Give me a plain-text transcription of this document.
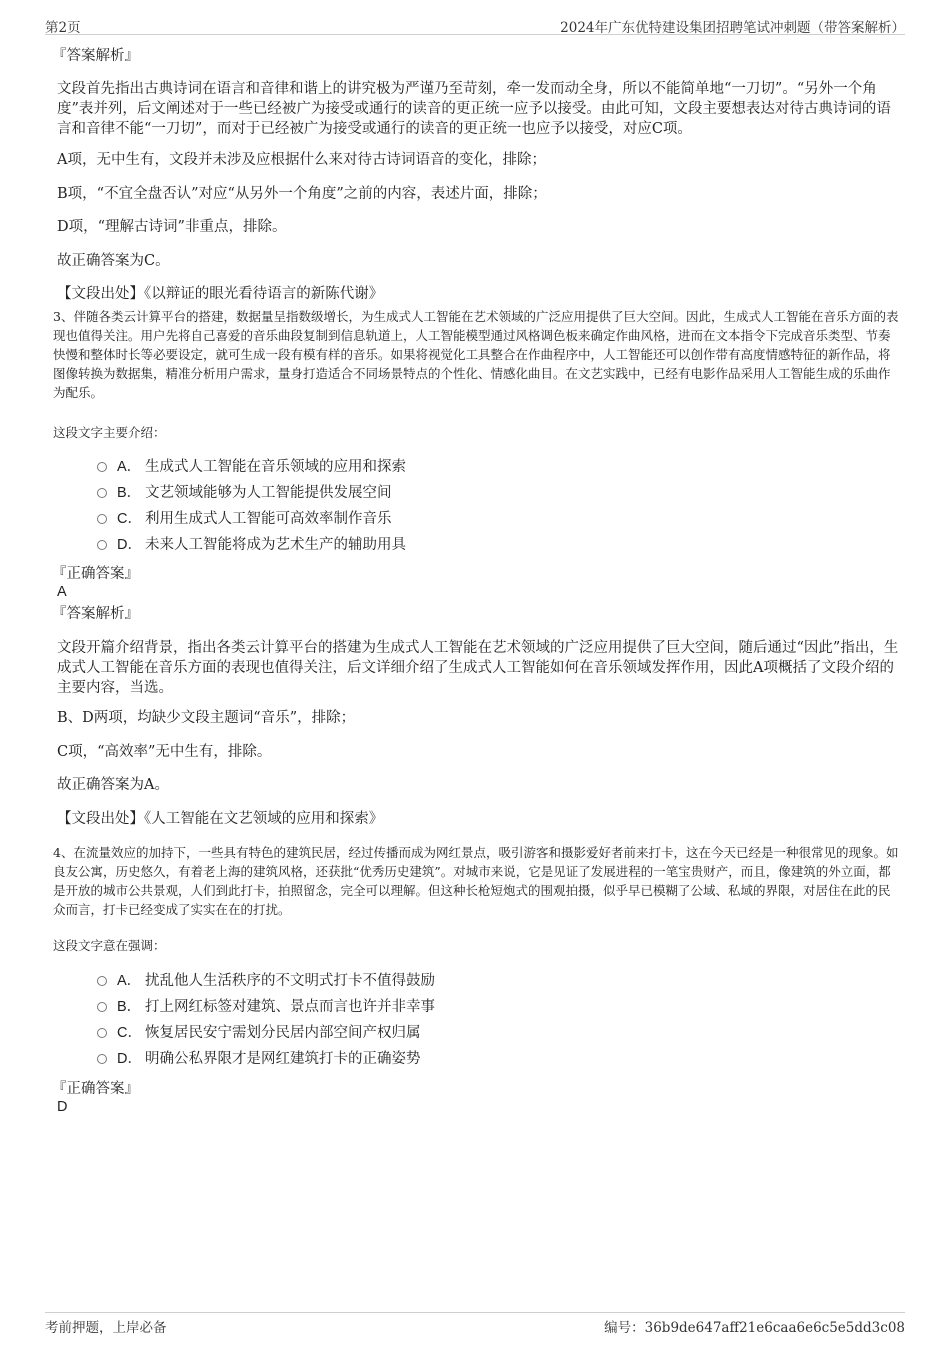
第2页	2024年广东优特建设集团招聘笔试冲刺题（带答案解析）
『答案解析』
文段首先指出古典诗词在语言和音律和谐上的讲究极为严谨乃至苛刻，牵一发而动全身，所以不能简单地“一刀切”。“另外一个角度”表并列，后文阐述对于一些已经被广为接受或通行的读音的更正统一应予以接受。由此可知，文段主要想表达对待古典诗词的语言和音律不能“一刀切”，而对于已经被广为接受或通行的读音的更正统一也应予以接受，对应C项。
A项，无中生有，文段并未涉及应根据什么来对待古诗词语音的变化，排除；
B项，“不宜全盘否认”对应“从另外一个角度”之前的内容，表述片面，排除；
D项，“理解古诗词”非重点，排除。
故正确答案为C。
【文段出处】《以辩证的眼光看待语言的新陈代谢》
3、伴随各类云计算平台的搭建，数据量呈指数级增长，为生成式人工智能在艺术领域的广泛应用提供了巨大空间。因此，生成式人工智能在音乐方面的表现也值得关注。用户先将自己喜爱的音乐曲段复制到信息轨道上，人工智能模型通过风格调色板来确定作曲风格，进而在文本指令下完成音乐类型、节奏快慢和整体时长等必要设定，就可生成一段有模有样的音乐。如果将视觉化工具整合在作曲程序中，人工智能还可以创作带有高度情感特征的新作品，将图像转换为数据集，精准分析用户需求，量身打造适合不同场景特点的个性化、情感化曲目。在文艺实践中，已经有电影作品采用人工智能生成的乐曲作为配乐。
这段文字主要介绍：
A． 生成式人工智能在音乐领域的应用和探索
B． 文艺领域能够为人工智能提供发展空间
C． 利用生成式人工智能可高效率制作音乐
D． 未来人工智能将成为艺术生产的辅助用具
『正确答案』
A
『答案解析』
文段开篇介绍背景，指出各类云计算平台的搭建为生成式人工智能在艺术领域的广泛应用提供了巨大空间，随后通过“因此”指出，生成式人工智能在音乐方面的表现也值得关注，后文详细介绍了生成式人工智能如何在音乐领域发挥作用，因此A项概括了文段介绍的主要内容，当选。
B、D两项，均缺少文段主题词“音乐”，排除；
C项，“高效率”无中生有，排除。
故正确答案为A。
【文段出处】《人工智能在文艺领域的应用和探索》
4、在流量效应的加持下，一些具有特色的建筑民居，经过传播而成为网红景点，吸引游客和摄影爱好者前来打卡，这在今天已经是一种很常见的现象。如良友公寓，历史悠久，有着老上海的建筑风格，还获批“优秀历史建筑”。对城市来说，它是见证了发展进程的一笔宝贵财产，而且，像建筑的外立面，都是开放的城市公共景观，人们到此打卡，拍照留念，完全可以理解。但这种长枪短炮式的围观拍摄，似乎早已模糊了公域、私域的界限，对居住在此的民众而言，打卡已经变成了实实在在的打扰。
这段文字意在强调：
A． 扰乱他人生活秩序的不文明式打卡不值得鼓励
B． 打上网红标签对建筑、景点而言也许并非幸事
C． 恢复居民安宁需划分民居内部空间产权归属
D． 明确公私界限才是网红建筑打卡的正确姿势
『正确答案』
D
考前押题，上岸必备	编号：36b9de647aff21e6caa6e6c5e5dd3c08
